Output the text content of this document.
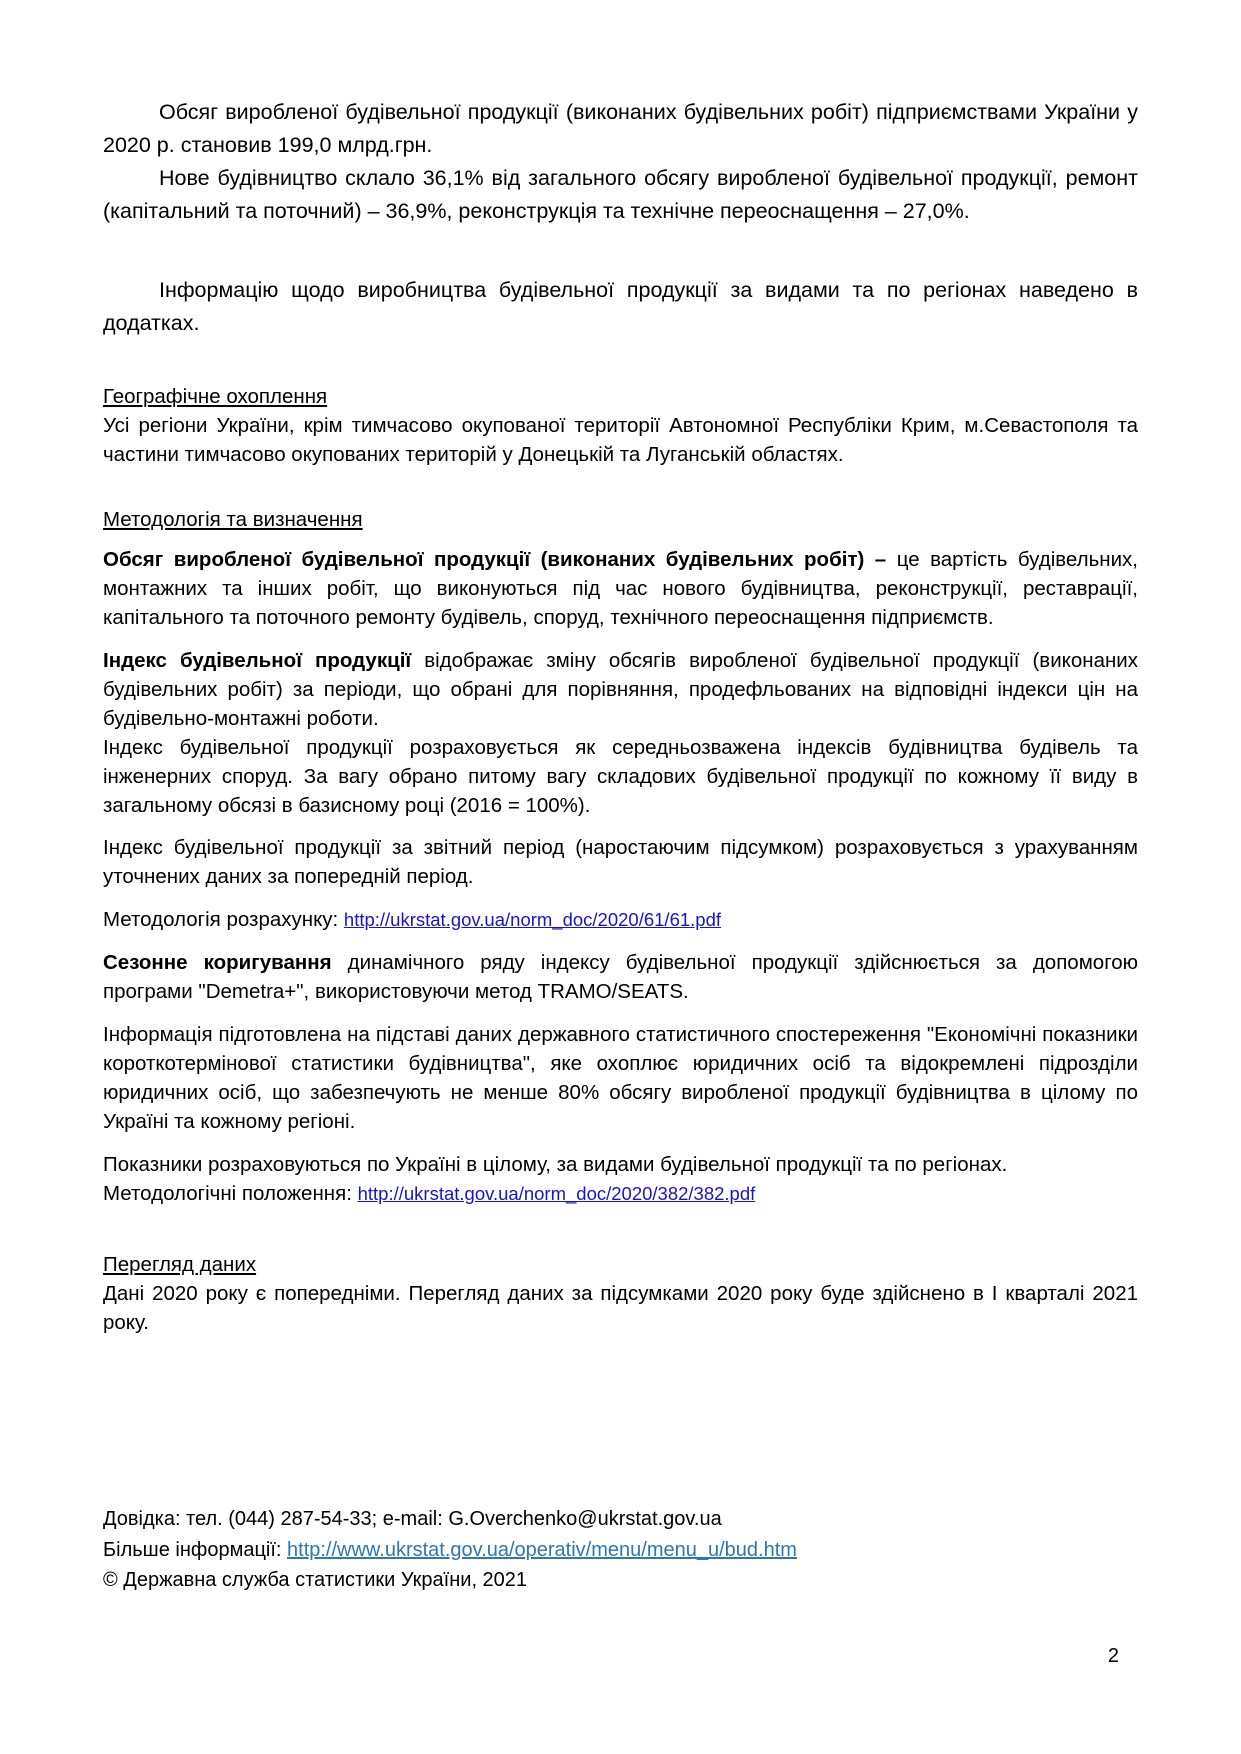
Обсяг виробленої будівельної продукції (виконаних будівельних робіт) підприємствами України у 2020 р. становив 199,0 млрд.грн.

Нове будівництво склало 36,1% від загального обсягу виробленої будівельної продукції, ремонт (капітальний та поточний) – 36,9%, реконструкція та технічне переоснащення – 27,0%.

Інформацію щодо виробництва будівельної продукції за видами та по регіонах наведено в додатках.

Географічне охоплення

Усі регіони України, крім тимчасово окупованої території Автономної Республіки Крим, м.Севастополя та частини тимчасово окупованих територій у Донецькій та Луганській областях.

Методологія та визначення

Обсяг виробленої будівельної продукції (виконаних будівельних робіт) – це вартість будівельних, монтажних та інших робіт, що виконуються під час нового будівництва, реконструкції, реставрації, капітального та поточного ремонту будівель, споруд, технічного переоснащення підприємств.

Індекс будівельної продукції відображає зміну обсягів виробленої будівельної продукції (виконаних будівельних робіт) за періоди, що обрані для порівняння, продефльованих на відповідні індекси цін на будівельно-монтажні роботи.

Індекс будівельної продукції розраховується як середньозважена індексів будівництва будівель та інженерних споруд. За вагу обрано питому вагу складових будівельної продукції по кожному її виду в загальному обсязі в базисному році (2016 = 100%).

Індекс будівельної продукції за звітний період (наростаючим підсумком) розраховується з урахуванням уточнених даних за попередній період.

Методологія розрахунку: http://ukrstat.gov.ua/norm_doc/2020/61/61.pdf

Сезонне коригування динамічного ряду індексу будівельної продукції здійснюється за допомогою програми "Demetra+", використовуючи метод TRAMO/SEATS.

Інформація підготовлена на підставі даних державного статистичного спостереження "Економічні показники короткотермінової статистики будівництва", яке охоплює юридичних осіб та відокремлені підрозділи юридичних осіб, що забезпечують не менше 80% обсягу виробленої продукції будівництва в цілому по Україні та кожному регіоні.

Показники розраховуються по Україні в цілому, за видами будівельної продукції та по регіонах.

Методологічні положення: http://ukrstat.gov.ua/norm_doc/2020/382/382.pdf

Перегляд даних

Дані 2020 року є попередніми. Перегляд даних за підсумками 2020 року буде здійснено в І кварталі 2021 року.

Довідка: тел. (044) 287-54-33; e-mail: G.Overchenko@ukrstat.gov.ua

Більше інформації: http://www.ukrstat.gov.ua/operativ/menu/menu_u/bud.htm

© Державна служба статистики України, 2021

2
